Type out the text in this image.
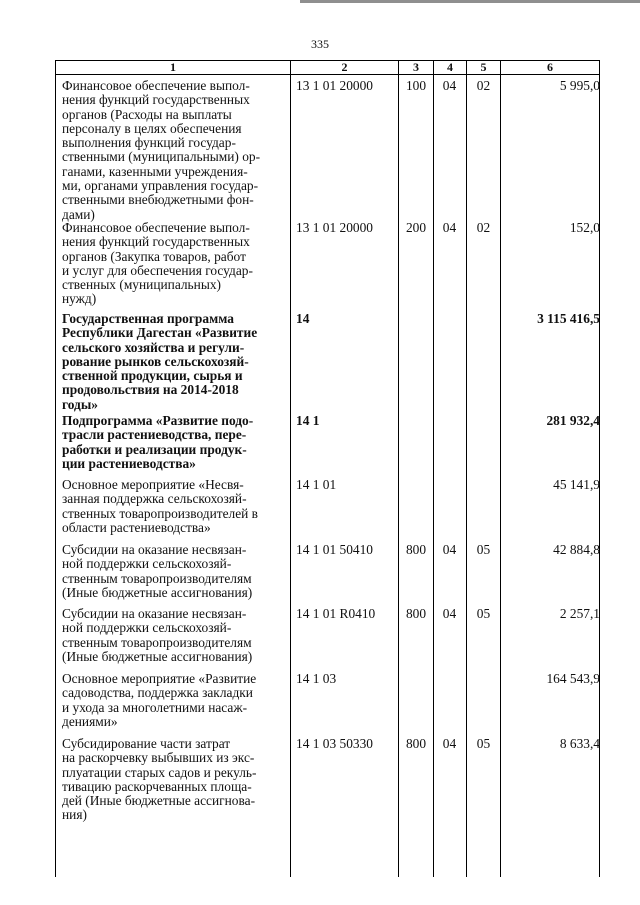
335
1	2	3	4	5	6
Финансовое обеспечение выпол-
нения функций государственных
органов (Расходы на выплаты
персоналу в целях обеспечения
выполнения функций государ-
ственными (муниципальными) ор-
ганами, казенными учреждения-
ми, органами управления государ-
ственными внебюджетными фон-
дами)
13 1 01 20000	100	04	02	5 995,0
Финансовое обеспечение выпол-
нения функций государственных
органов (Закупка товаров, работ
и услуг для обеспечения государ-
ственных (муниципальных)
нужд)
13 1 01 20000	200	04	02	152,0
Государственная программа
Республики Дагестан «Развитие
сельского хозяйства и регули-
рование рынков сельскохозяй-
ственной продукции, сырья и
продовольствия на 2014-2018
годы»
14	3 115 416,5
Подпрограмма «Развитие подо-
трасли растениеводства, пере-
работки и реализации продук-
ции растениеводства»
14 1	281 932,4
Основное мероприятие «Несвя-
занная поддержка сельскохозяй-
ственных товаропроизводителей в
области растениеводства»
14 1 01	45 141,9
Субсидии на оказание несвязан-
ной поддержки сельскохозяй-
ственным товаропроизводителям
(Иные бюджетные ассигнования)
14 1 01 50410	800	04	05	42 884,8
Субсидии на оказание несвязан-
ной поддержки сельскохозяй-
ственным товаропроизводителям
(Иные бюджетные ассигнования)
14 1 01 R0410	800	04	05	2 257,1
Основное мероприятие «Развитие
садоводства, поддержка закладки
и ухода за многолетними насаж-
дениями»
14 1 03	164 543,9
Субсидирование части затрат
на раскорчевку выбывших из экс-
плуатации старых садов и рекуль-
тивацию раскорчеванных площа-
дей (Иные бюджетные ассигнова-
ния)
14 1 03 50330	800	04	05	8 633,4
